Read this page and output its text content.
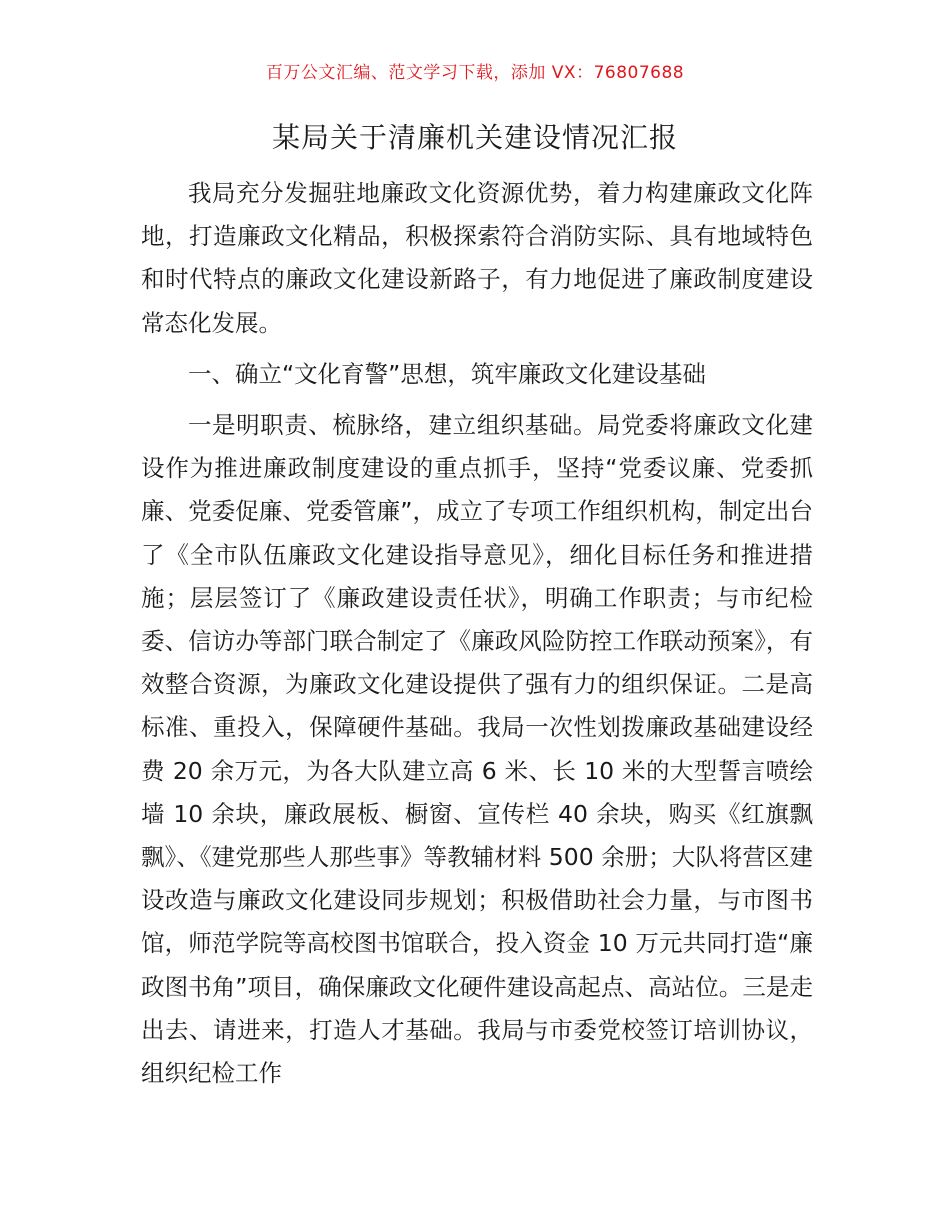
百万公文汇编、范文学习下载，添加 VX：76807688
某局关于清廉机关建设情况汇报

我局充分发掘驻地廉政文化资源优势，着力构建廉政文化阵地，打造廉政文化精品，积极探索符合消防实际、具有地域特色和时代特点的廉政文化建设新路子，有力地促进了廉政制度建设常态化发展。

一、确立“文化育警”思想，筑牢廉政文化建设基础

一是明职责、梳脉络，建立组织基础。局党委将廉政文化建设作为推进廉政制度建设的重点抓手，坚持“党委议廉、党委抓廉、党委促廉、党委管廉”，成立了专项工作组织机构，制定出台了《全市队伍廉政文化建设指导意见》，细化目标任务和推进措施；层层签订了《廉政建设责任状》，明确工作职责；与市纪检委、信访办等部门联合制定了《廉政风险防控工作联动预案》，有效整合资源，为廉政文化建设提供了强有力的组织保证。二是高标准、重投入，保障硬件基础。我局一次性划拨廉政基础建设经费 20 余万元，为各大队建立高 6 米、长 10 米的大型誓言喷绘墙 10 余块，廉政展板、橱窗、宣传栏 40 余块，购买《红旗飘飘》、《建党那些人那些事》等教辅材料 500 余册；大队将营区建设改造与廉政文化建设同步规划；积极借助社会力量，与市图书馆，师范学院等高校图书馆联合，投入资金 10 万元共同打造“廉政图书角”项目，确保廉政文化硬件建设高起点、高站位。三是走出去、请进来，打造人才基础。我局与市委党校签订培训协议，组织纪检工作
